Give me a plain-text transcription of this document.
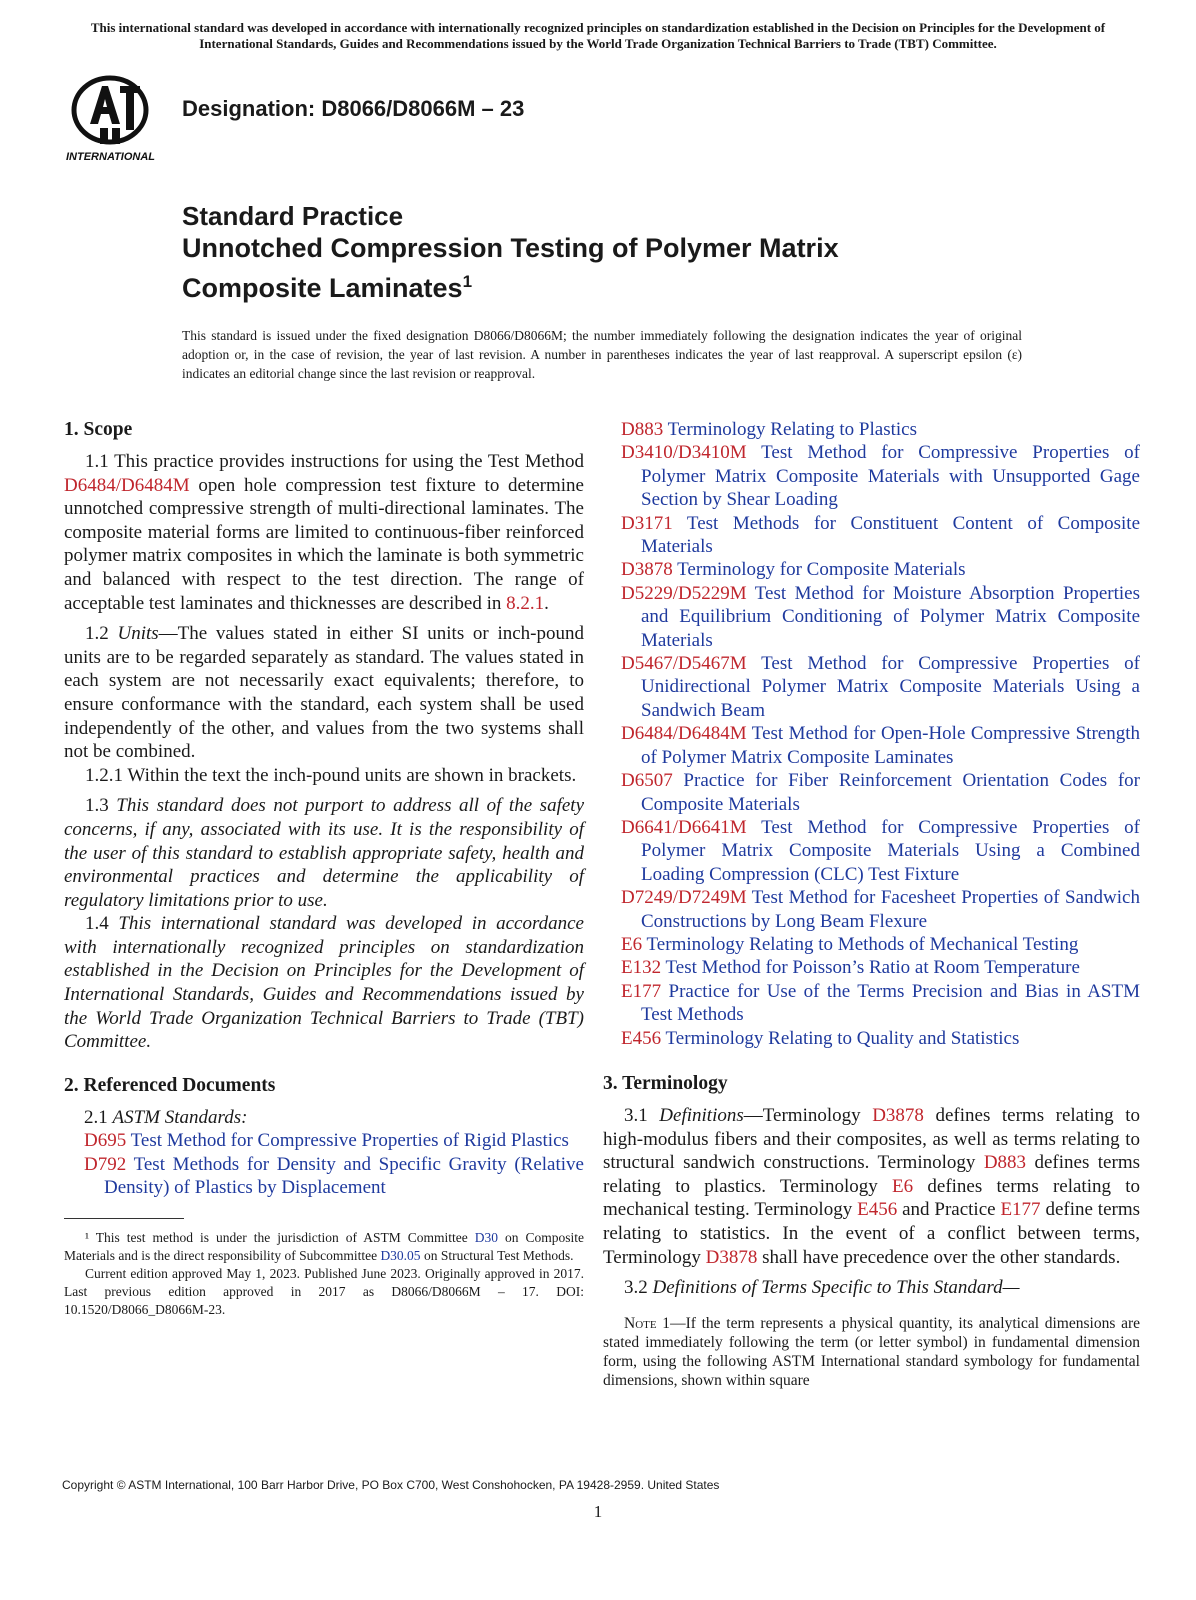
This international standard was developed in accordance with internationally recognized principles on standardization established in the Decision on Principles for the Development of International Standards, Guides and Recommendations issued by the World Trade Organization Technical Barriers to Trade (TBT) Committee.
INTERNATIONAL
Designation: D8066/D8066M – 23
Standard Practice
Unnotched Compression Testing of Polymer Matrix
Composite Laminates$^1$
This standard is issued under the fixed designation D8066/D8066M; the number immediately following the designation indicates the year of original adoption or, in the case of revision, the year of last revision. A number in parentheses indicates the year of last reapproval. A superscript epsilon (ε) indicates an editorial change since the last revision or reapproval.
1. Scope

1.1 This practice provides instructions for using the Test Method D6484/D6484M open hole compression test fixture to determine unnotched compressive strength of multi-directional laminates. The composite material forms are limited to continuous-fiber reinforced polymer matrix composites in which the laminate is both symmetric and balanced with respect to the test direction. The range of acceptable test laminates and thicknesses are described in 8.2.1.

1.2 Units—The values stated in either SI units or inch-pound units are to be regarded separately as standard. The values stated in each system are not necessarily exact equivalents; therefore, to ensure conformance with the standard, each system shall be used independently of the other, and values from the two systems shall not be combined.

1.2.1 Within the text the inch-pound units are shown in brackets.

1.3 This standard does not purport to address all of the safety concerns, if any, associated with its use. It is the responsibility of the user of this standard to establish appropriate safety, health and environmental practices and determine the applicability of regulatory limitations prior to use.

1.4 This international standard was developed in accordance with internationally recognized principles on standardization established in the Decision on Principles for the Development of International Standards, Guides and Recommendations issued by the World Trade Organization Technical Barriers to Trade (TBT) Committee.

2. Referenced Documents

2.1 ASTM Standards:

D695 Test Method for Compressive Properties of Rigid Plastics

D792 Test Methods for Density and Specific Gravity (Relative Density) of Plastics by Displacement

¹ This test method is under the jurisdiction of ASTM Committee D30 on Composite Materials and is the direct responsibility of Subcommittee D30.05 on Structural Test Methods.

Current edition approved May 1, 2023. Published June 2023. Originally approved in 2017. Last previous edition approved in 2017 as D8066/D8066M – 17. DOI: 10.1520/D8066_D8066M-23.

D883 Terminology Relating to Plastics

D3410/D3410M Test Method for Compressive Properties of Polymer Matrix Composite Materials with Unsupported Gage Section by Shear Loading

D3171 Test Methods for Constituent Content of Composite Materials

D3878 Terminology for Composite Materials

D5229/D5229M Test Method for Moisture Absorption Properties and Equilibrium Conditioning of Polymer Matrix Composite Materials

D5467/D5467M Test Method for Compressive Properties of Unidirectional Polymer Matrix Composite Materials Using a Sandwich Beam

D6484/D6484M Test Method for Open-Hole Compressive Strength of Polymer Matrix Composite Laminates

D6507 Practice for Fiber Reinforcement Orientation Codes for Composite Materials

D6641/D6641M Test Method for Compressive Properties of Polymer Matrix Composite Materials Using a Combined Loading Compression (CLC) Test Fixture

D7249/D7249M Test Method for Facesheet Properties of Sandwich Constructions by Long Beam Flexure

E6 Terminology Relating to Methods of Mechanical Testing

E132 Test Method for Poisson’s Ratio at Room Temperature

E177 Practice for Use of the Terms Precision and Bias in ASTM Test Methods

E456 Terminology Relating to Quality and Statistics

3. Terminology

3.1 Definitions—Terminology D3878 defines terms relating to high-modulus fibers and their composites, as well as terms relating to structural sandwich constructions. Terminology D883 defines terms relating to plastics. Terminology E6 defines terms relating to mechanical testing. Terminology E456 and Practice E177 define terms relating to statistics. In the event of a conflict between terms, Terminology D3878 shall have precedence over the other standards.

3.2 Definitions of Terms Specific to This Standard—

Note 1—If the term represents a physical quantity, its analytical dimensions are stated immediately following the term (or letter symbol) in fundamental dimension form, using the following ASTM International standard symbology for fundamental dimensions, shown within square

Copyright © ASTM International, 100 Barr Harbor Drive, PO Box C700, West Conshohocken, PA 19428-2959. United States
1
